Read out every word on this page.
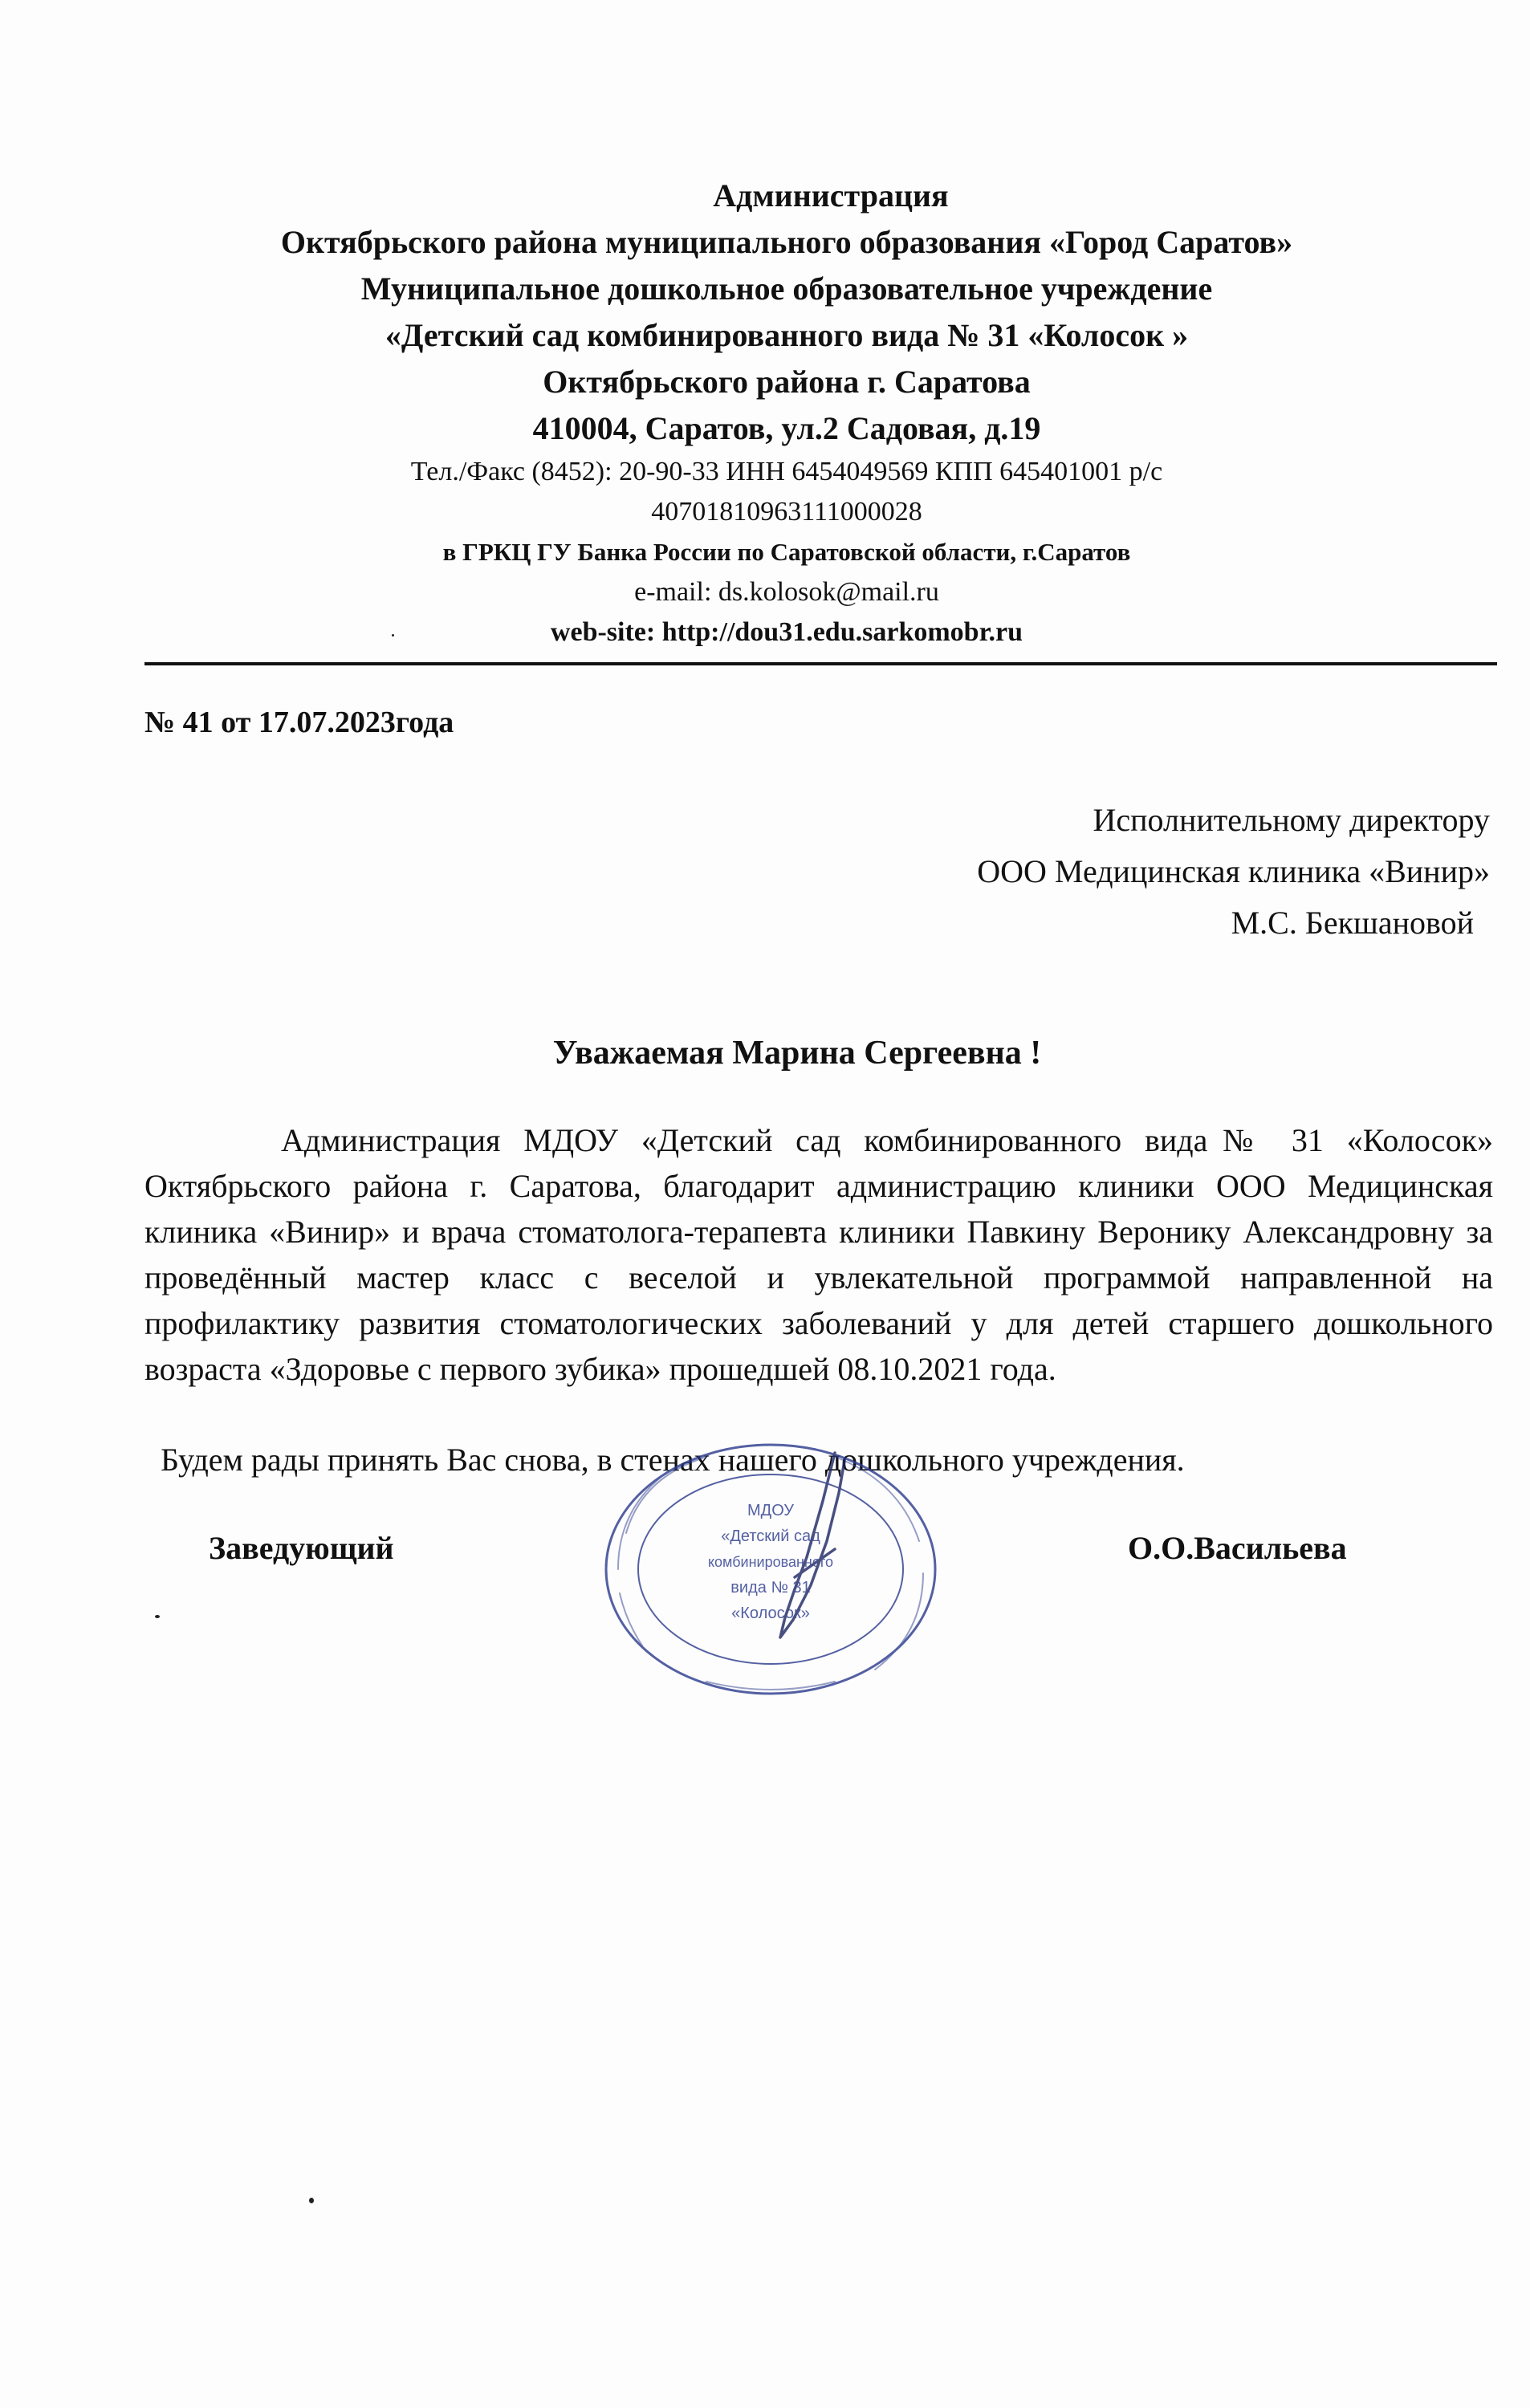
Администрация
Октябрьского района муниципального образования «Город Саратов»
Муниципальное дошкольное образовательное учреждение
«Детский сад комбинированного вида № 31 «Колосок »
Октябрьского района г. Саратова
410004, Саратов, ул.2 Садовая, д.19
Тел./Факс (8452): 20-90-33 ИНН 6454049569 КПП 645401001 р/с
40701810963111000028
в ГРКЦ ГУ Банка России по Саратовской области, г.Саратов
e-mail: ds.kolosok@mail.ru
web-site: http://dou31.edu.sarkomobr.ru
№ 41 от 17.07.2023года
Исполнительному директору
ООО Медицинская клиника «Винир»
М.С. Бекшановой
Уважаемая Марина Сергеевна !
Администрация МДОУ «Детский сад комбинированного вида№ 31 «Колосок» Октябрьского района г. Саратова, благодарит администрацию клиники ООО Медицинская клиника «Винир» и врача стоматолога-терапевта клиники Павкину Веронику Александровну за проведённый мастер класс с веселой и увлекательной программой направленной на профилактику развития стоматологических заболеваний у для детей старшего дошкольного возраста «Здоровье с первого зубика» прошедшей 08.10.2021 года.
Будем рады принять Вас снова, в стенах нашего дошкольного учреждения.
МДОУ
«Детский сад
комбинированного
вида № 31
«Колосок»
Заведующий	О.О.Васильева
